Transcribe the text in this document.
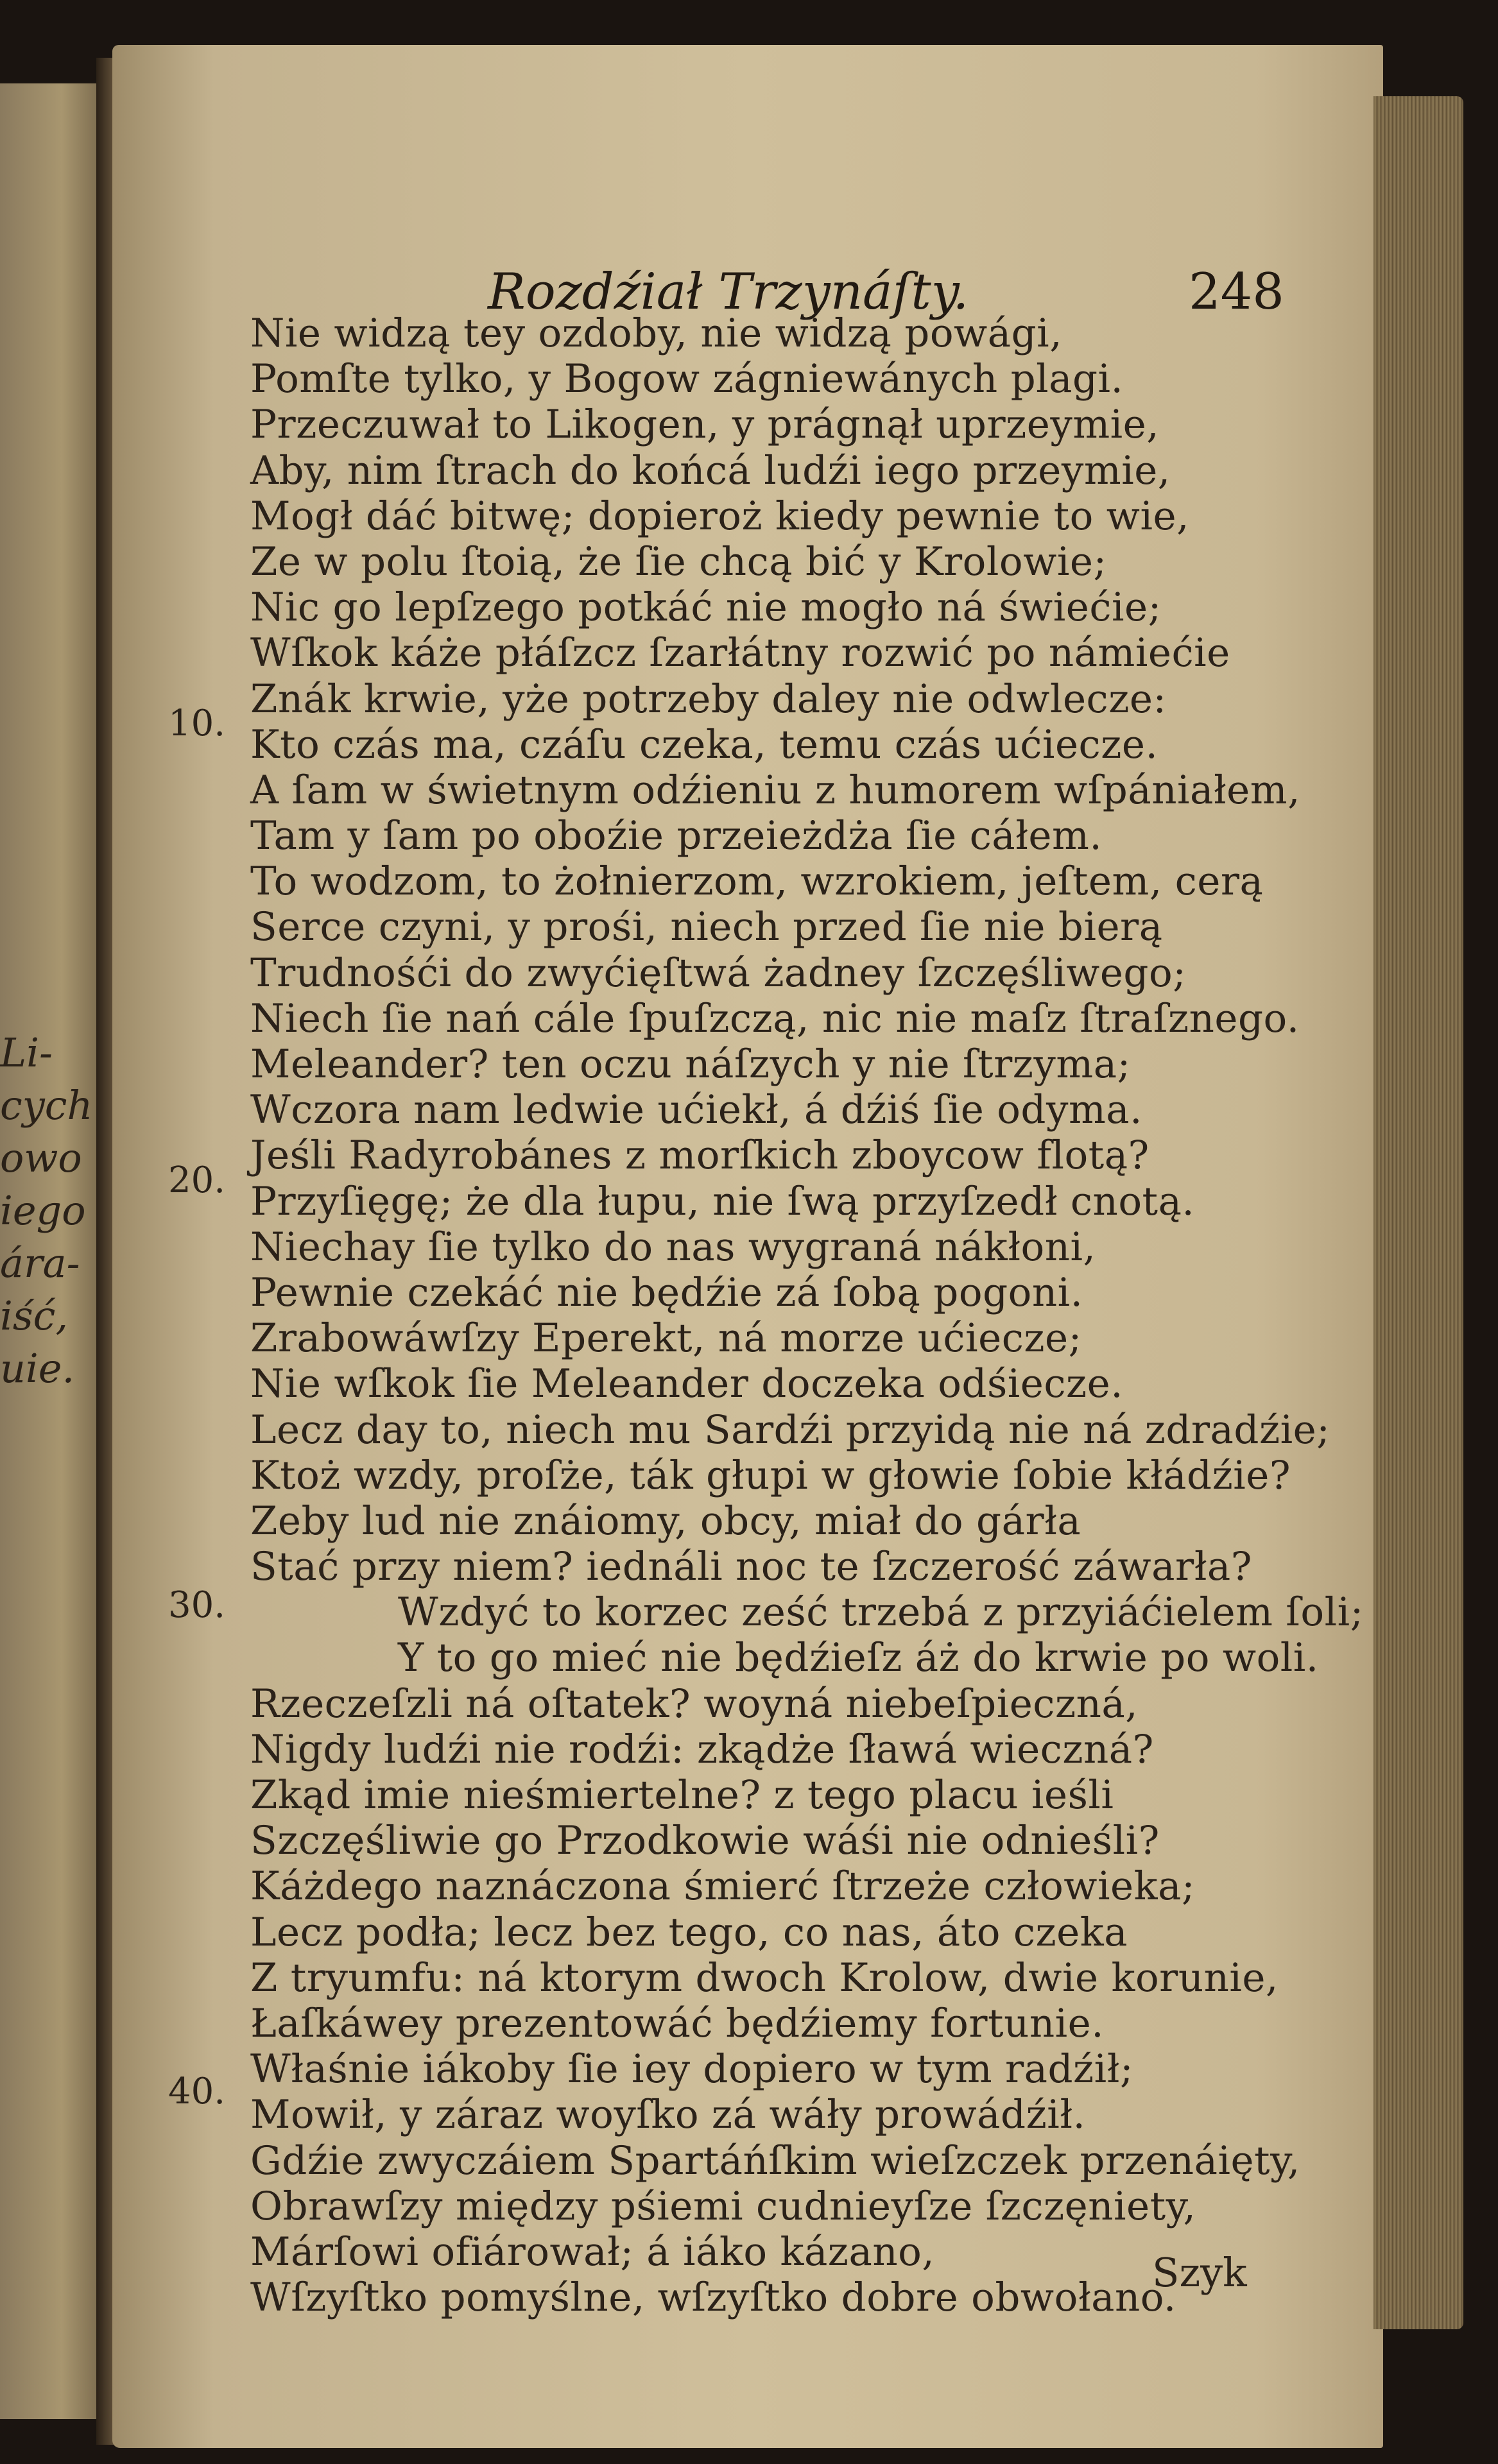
Li-
cych
owo
iego
ára-
iść,
uie.
Rozdźiał Trzynáſty.	248
10.
20.
30.
40.
Nie widzą tey ozdoby, nie widzą powági,
Pomſte tylko, y Bogow zágniewánych plagi.
Przeczuwał to Likogen, y prágnął uprzeymie,
Aby, nim ſtrach do końcá ludźi iego przeymie,
Mogł dáć bitwę; dopieroż kiedy pewnie to wie,
Ze w polu ſtoią, że ſie chcą bić y Krolowie;
Nic go lepſzego potkáć nie mogło ná świećie;
Wſkok káże płáſzcz ſzarłátny rozwić po námiećie
Znák krwie, yże potrzeby daley nie odwlecze:
Kto czás ma, czáſu czeka, temu czás ućiecze.
A ſam w świetnym odźieniu z humorem wſpániałem,
Tam y ſam po oboźie przeieżdża ſie cáłem.
To wodzom, to żołnierzom, wzrokiem, jeſtem, cerą
Serce czyni, y prośi, niech przed ſie nie bierą
Trudnośći do zwyćięſtwá żadney ſzczęśliwego;
Niech ſie nań cále ſpuſzczą, nic nie maſz ſtraſznego.
Meleander? ten oczu náſzych y nie ſtrzyma;
Wczora nam ledwie ućiekł, á dźiś ſie odyma.
Jeśli Radyrobánes z morſkich zboycow flotą?
Przyſięgę; że dla łupu, nie ſwą przyſzedł cnotą.
Niechay ſie tylko do nas wygraná nákłoni,
Pewnie czekáć nie będźie zá ſobą pogoni.
Zrabowáwſzy Eperekt, ná morze ućiecze;
Nie wſkok ſie Meleander doczeka odśiecze.
Lecz day to, niech mu Sardźi przyidą nie ná zdradźie;
Ktoż wzdy, proſże, ták głupi w głowie ſobie kłádźie?
Zeby lud nie znáiomy, obcy, miał do gárła
Stać przy niem? iednáli noc te ſzczerość záwarła?
Wzdyć to korzec ześć trzebá z przyiáćielem ſoli;
Y to go mieć nie będźieſz áż do krwie po woli.
Rzeczeſzli ná oſtatek? woyná niebeſpieczná,
Nigdy ludźi nie rodźi: zkądże ſławá wieczná?
Zkąd imie nieśmiertelne? z tego placu ieśli
Szczęśliwie go Przodkowie wáśi nie odnieśli?
Káżdego naznáczona śmierć ſtrzeże człowieka;
Lecz podła; lecz bez tego, co nas, áto czeka
Z tryumfu: ná ktorym dwoch Krolow, dwie korunie,
Łaſkáwey prezentowáć będźiemy fortunie.
Właśnie iákoby ſie iey dopiero w tym radźił;
Mowił, y záraz woyſko zá wáły prowádźił.
Gdźie zwyczáiem Spartáńſkim wieſzczek przenáięty,
Obrawſzy między pśiemi cudnieyſze ſzczęniety,
Márſowi ofiárował; á iáko kázano,
Wſzyſtko pomyślne, wſzyſtko dobre obwołano.
Szyk
